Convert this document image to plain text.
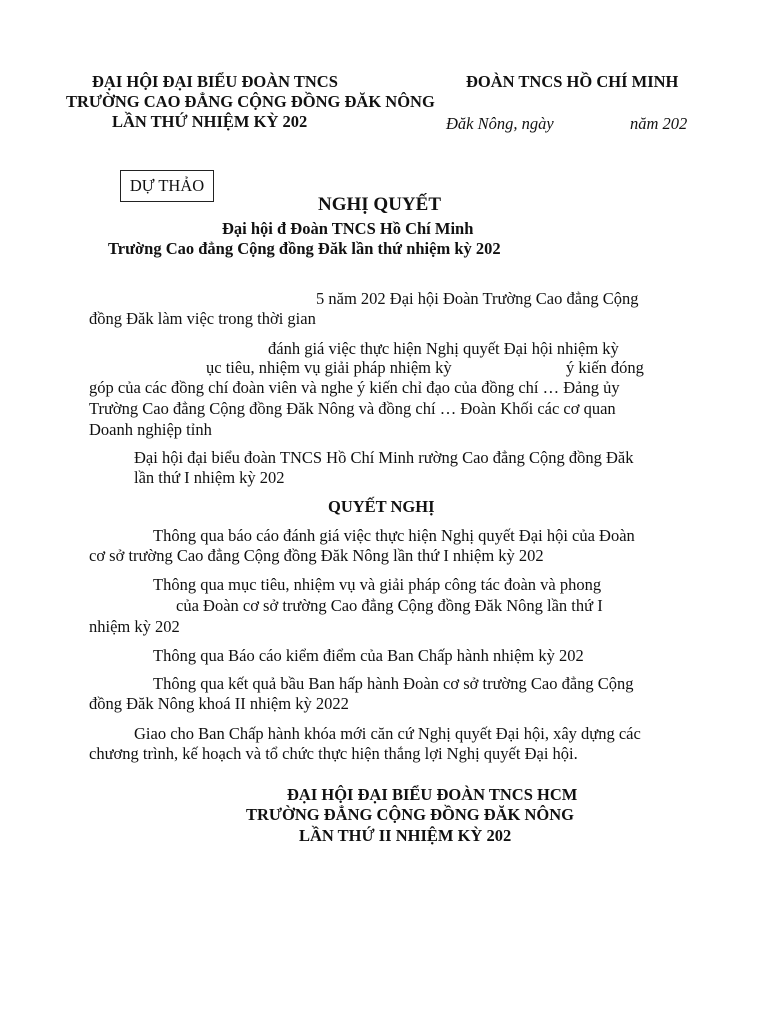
ĐẠI HỘI ĐẠI BIỂU ĐOÀN TNCS
TRƯỜNG CAO ĐẲNG CỘNG ĐỒNG ĐĂK NÔNG
LẦN THỨ NHIỆM KỲ 202
ĐOÀN TNCS HỒ CHÍ MINH
Đăk Nông, ngày	năm 202
DỰ THẢO
NGHỊ QUYẾT
Đại hội đ Đoàn TNCS Hồ Chí Minh
Trường Cao đẳng Cộng đồng Đăk lần thứ nhiệm kỳ 202
5 năm 202 Đại hội Đoàn Trường Cao đẳng Cộng
đồng Đăk làm việc trong thời gian
đánh giá việc thực hiện Nghị quyết Đại hội nhiệm kỳ
ục tiêu, nhiệm vụ giải pháp nhiệm kỳ	ý kiến đóng
góp của các đồng chí đoàn viên và nghe ý kiến chỉ đạo của đồng chí … Đảng ủy
Trường Cao đẳng Cộng đồng Đăk Nông và đồng chí … Đoàn Khối các cơ quan
Doanh nghiệp tỉnh
Đại hội đại biểu đoàn TNCS Hồ Chí Minh rường Cao đẳng Cộng đồng Đăk
lần thứ I nhiệm kỳ 202
QUYẾT NGHỊ
Thông qua báo cáo đánh giá việc thực hiện Nghị quyết Đại hội của Đoàn
cơ sở trường Cao đẳng Cộng đồng Đăk Nông lần thứ I nhiệm kỳ 202
Thông qua mục tiêu, nhiệm vụ và giải pháp công tác đoàn và phong
của Đoàn cơ sở trường Cao đẳng Cộng đồng Đăk Nông lần thứ I
nhiệm kỳ 202
Thông qua Báo cáo kiểm điểm của Ban Chấp hành nhiệm kỳ 202
Thông qua kết quả bầu Ban hấp hành Đoàn cơ sở trường Cao đẳng Cộng
đồng Đăk Nông khoá II nhiệm kỳ 2022
Giao cho Ban Chấp hành khóa mới căn cứ Nghị quyết Đại hội, xây dựng các
chương trình, kế hoạch và tổ chức thực hiện thắng lợi Nghị quyết Đại hội.
ĐẠI HỘI ĐẠI BIỂU ĐOÀN TNCS HCM
TRƯỜNG ĐẲNG CỘNG ĐỒNG ĐĂK NÔNG
LẦN THỨ II NHIỆM KỲ 202
